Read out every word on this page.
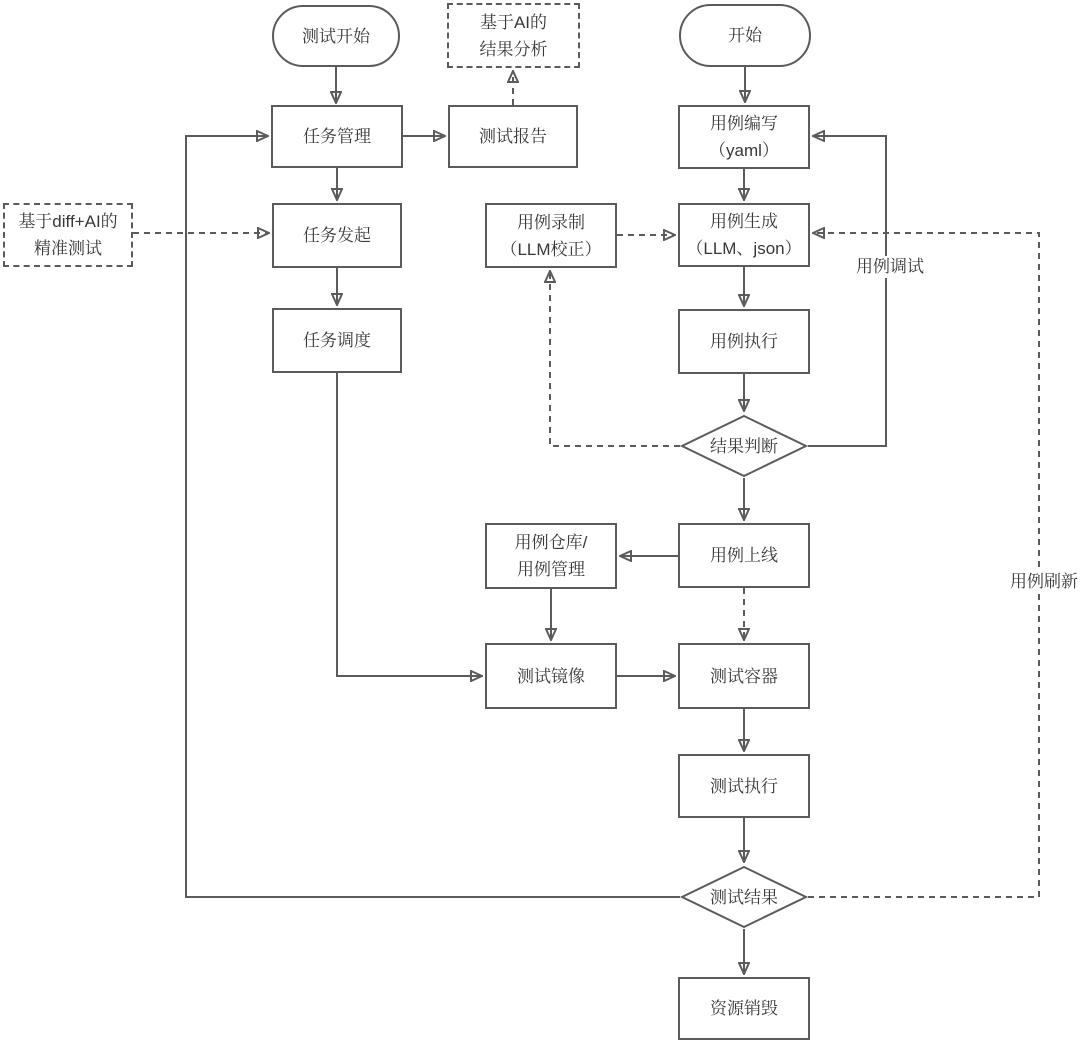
测试开始	开始
基于AI的
结果分析
基于diff+AI的
精准测试
任务管理	测试报告
任务发起
任务调度
用例录制
（LLM校正）
用例仓库/
用例管理
测试镜像
用例编写
（yaml）
用例生成
（LLM、json）
用例执行
结果判断
用例上线
测试容器
测试执行
测试结果
资源销毁
用例调试
用例刷新
